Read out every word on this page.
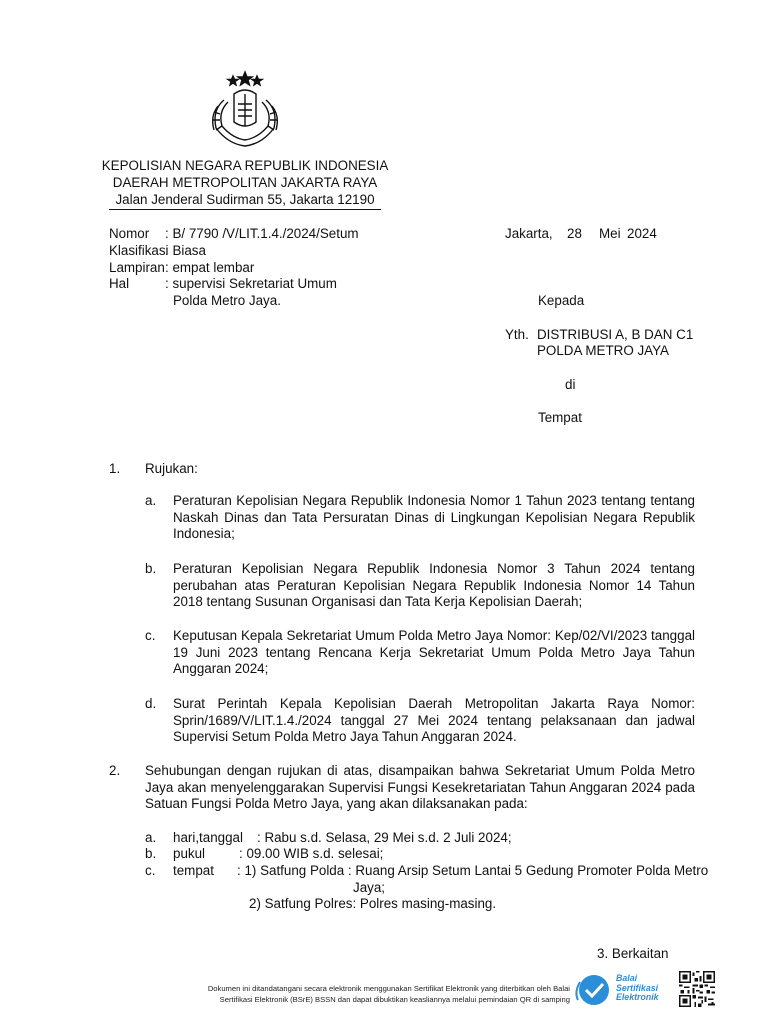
KEPOLISIAN NEGARA REPUBLIK INDONESIA
DAERAH METROPOLITAN JAKARTA RAYA
Jalan Jenderal Sudirman 55, Jakarta 12190
Nomor : B/ 7790 /V/LIT.1.4./2024/Setum
Klasifikasi
: Biasa
Lampiran : empat lembar
Hal	: supervisi Sekretariat Umum
Polda Metro Jaya.
Jakarta, 28 Mei 2024
Kepada
Yth. DISTRIBUSI A, B DAN C1
POLDA METRO JAYA
di
Tempat
1. Rujukan:
a. Peraturan Kepolisian Negara Republik Indonesia Nomor 1 Tahun 2023 tentang tentang Naskah Dinas dan Tata Persuratan Dinas di Lingkungan Kepolisian Negara Republik Indonesia;
b. Peraturan Kepolisian Negara Republik Indonesia Nomor 3 Tahun 2024 tentang perubahan atas Peraturan Kepolisian Negara Republik Indonesia Nomor 14 Tahun 2018 tentang Susunan Organisasi dan Tata Kerja Kepolisian Daerah;
c. Keputusan Kepala Sekretariat Umum Polda Metro Jaya Nomor: Kep/02/VI/2023 tanggal 19 Juni 2023 tentang Rencana Kerja Sekretariat Umum Polda Metro Jaya Tahun Anggaran 2024;
d. Surat Perintah Kepala Kepolisian Daerah Metropolitan Jakarta Raya Nomor: Sprin/1689/V/LIT.1.4./2024 tanggal 27 Mei 2024 tentang pelaksanaan dan jadwal Supervisi Setum Polda Metro Jaya Tahun Anggaran 2024.
2. Sehubungan dengan rujukan di atas, disampaikan bahwa Sekretariat Umum Polda Metro Jaya akan menyelenggarakan Supervisi Fungsi Kesekretariatan Tahun Anggaran 2024 pada Satuan Fungsi Polda Metro Jaya, yang akan dilaksanakan pada:
a. hari,tanggal : Rabu s.d. Selasa, 29 Mei s.d. 2 Juli 2024;
b. pukul	: 09.00 WIB s.d. selesai;
c. tempat : 1) Satfung Polda : Ruang Arsip Setum Lantai 5 Gedung Promoter Polda Metro
Jaya;
2) Satfung Polres: Polres masing-masing.
3. Berkaitan
Dokumen ini ditandatangani secara elektronik menggunakan Sertifikat Elektronik yang diterbitkan oleh Balai
Sertifikasi Elektronik (BSrE) BSSN dan dapat dibuktikan keasliannya melalui pemindaian QR di samping
Balai
Sertifikasi
Elektronik
